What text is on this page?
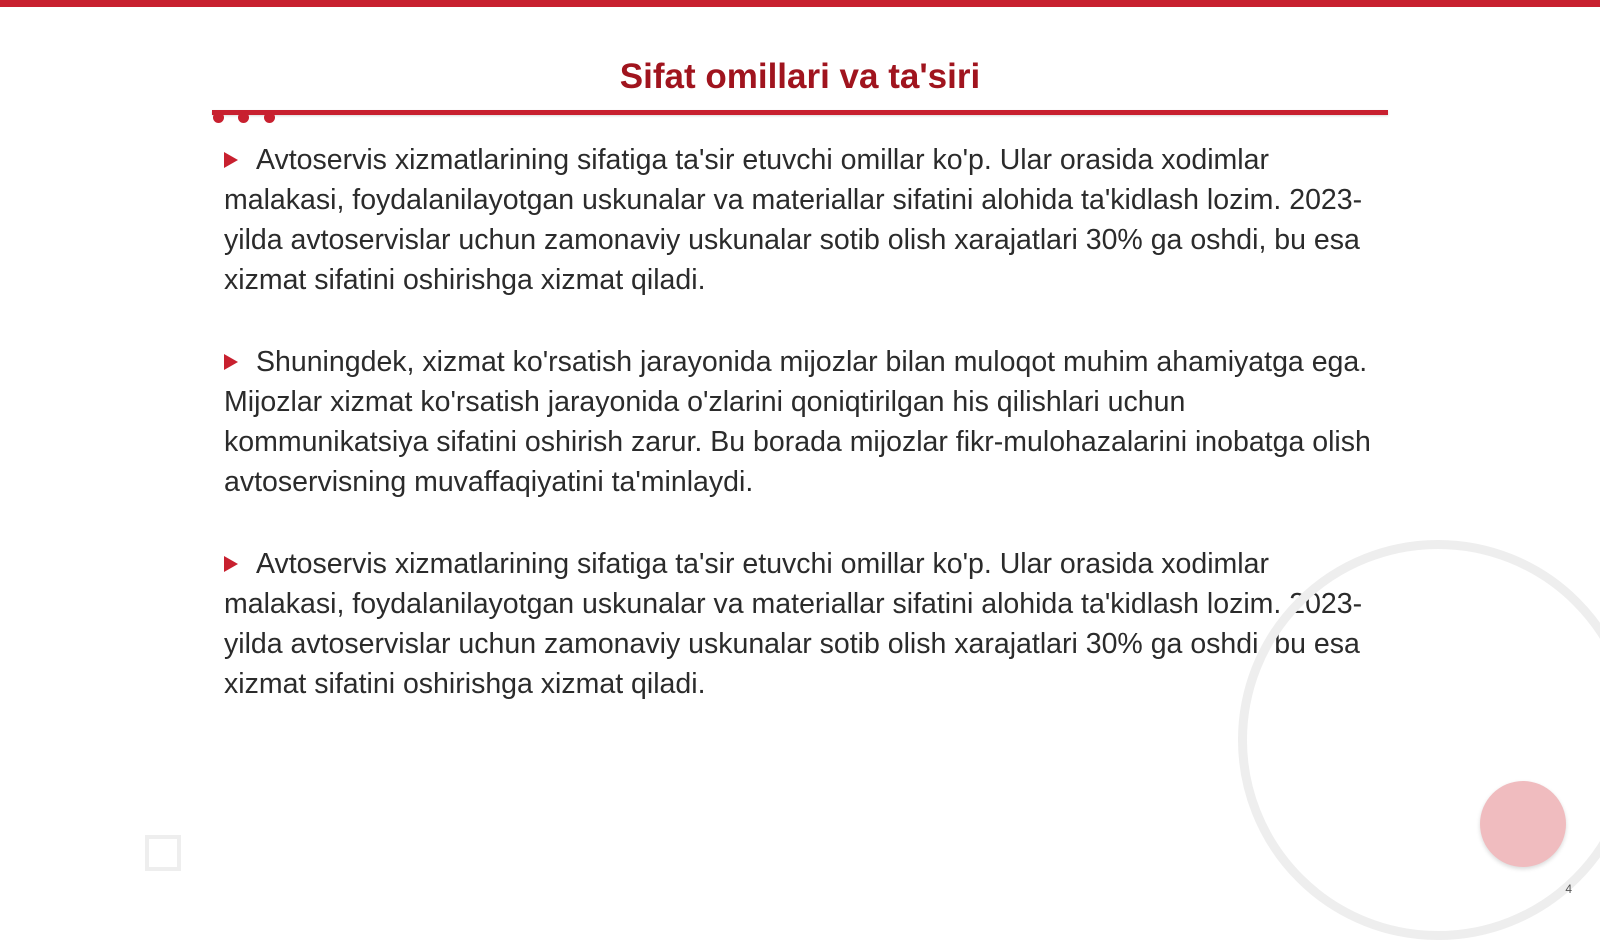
Sifat omillari va ta'siri

Avtoservis xizmatlarining sifatiga ta'sir etuvchi omillar ko'p. Ular orasida xodimlar malakasi, foydalanilayotgan uskunalar va materiallar sifatini alohida ta'kidlash lozim. 2023-yilda avtoservislar uchun zamonaviy uskunalar sotib olish xarajatlari 30% ga oshdi, bu esa xizmat sifatini oshirishga xizmat qiladi.

Shuningdek, xizmat ko'rsatish jarayonida mijozlar bilan muloqot muhim ahamiyatga ega. Mijozlar xizmat ko'rsatish jarayonida o'zlarini qoniqtirilgan his qilishlari uchun kommunikatsiya sifatini oshirish zarur. Bu borada mijozlar fikr-mulohazalarini inobatga olish avtoservisning muvaffaqiyatini ta'minlaydi.

Avtoservis xizmatlarining sifatiga ta'sir etuvchi omillar ko'p. Ular orasida xodimlar malakasi, foydalanilayotgan uskunalar va materiallar sifatini alohida ta'kidlash lozim. 2023-yilda avtoservislar uchun zamonaviy uskunalar sotib olish xarajatlari 30% ga oshdi, bu esa xizmat sifatini oshirishga xizmat qiladi.

4
